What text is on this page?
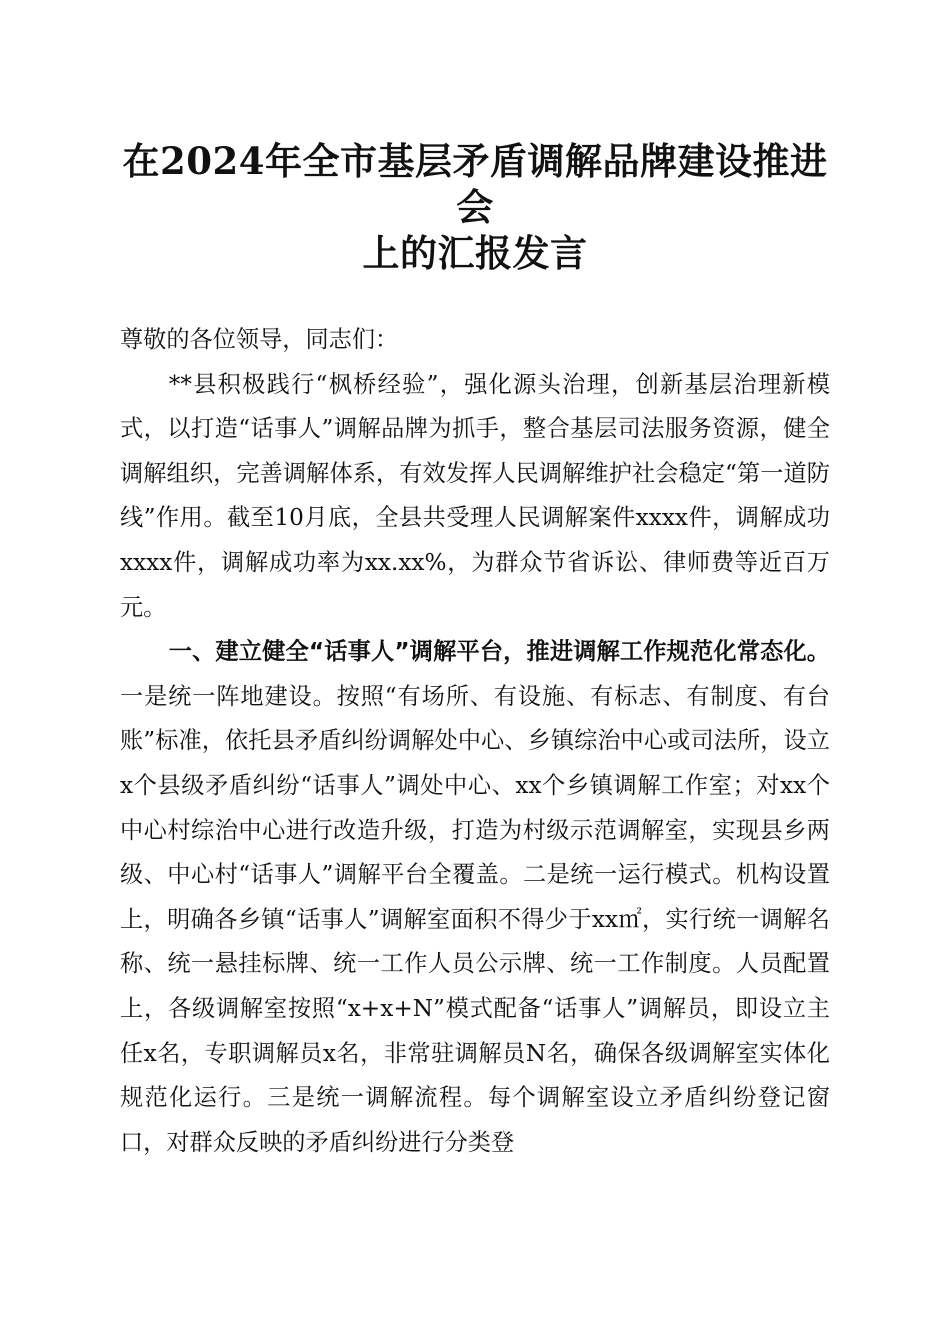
在2024年全市基层矛盾调解品牌建设推进会
上的汇报发言

尊敬的各位领导，同志们：

**县积极践行“枫桥经验”，强化源头治理，创新基层治理新模式，以打造“话事人”调解品牌为抓手，整合基层司法服务资源，健全调解组织，完善调解体系，有效发挥人民调解维护社会稳定“第一道防线”作用。截至10月底，全县共受理人民调解案件xxxx件，调解成功xxxx件，调解成功率为xx.xx%，为群众节省诉讼、律师费等近百万元。

一、建立健全“话事人”调解平台，推进调解工作规范化常态化。一是统一阵地建设。按照“有场所、有设施、有标志、有制度、有台账”标准，依托县矛盾纠纷调解处中心、乡镇综治中心或司法所，设立x个县级矛盾纠纷“话事人”调处中心、xx个乡镇调解工作室；对xx个中心村综治中心进行改造升级，打造为村级示范调解室，实现县乡两级、中心村“话事人”调解平台全覆盖。二是统一运行模式。机构设置上，明确各乡镇“话事人”调解室面积不得少于xx㎡，实行统一调解名称、统一悬挂标牌、统一工作人员公示牌、统一工作制度。人员配置上，各级调解室按照“x+x+N”模式配备“话事人”调解员，即设立主任x名，专职调解员x名，非常驻调解员N名，确保各级调解室实体化规范化运行。三是统一调解流程。每个调解室设立矛盾纠纷登记窗口，对群众反映的矛盾纠纷进行分类登
